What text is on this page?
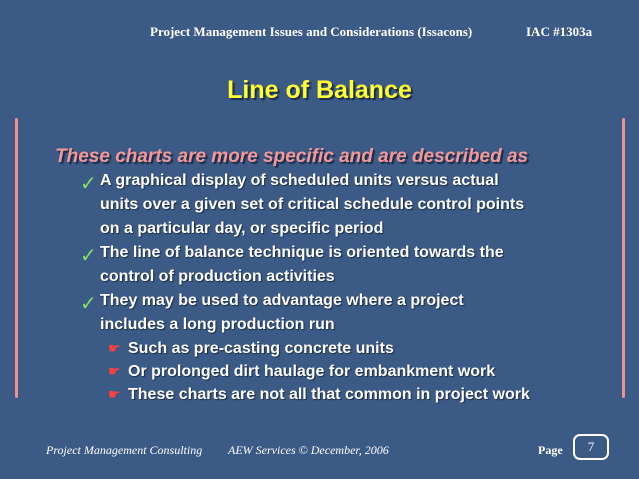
Project Management Issues and Considerations (Issacons)	IAC #1303a
Line of Balance
These charts are more specific and are described as
✓ A graphical display of scheduled units versus actual
units over a given set of critical schedule control points
on a particular day, or specific period
✓ The line of balance technique is oriented towards the
control of production activities
✓ They may be used to advantage where a project
includes a long production run
☛ Such as pre-casting concrete units
☛ Or prolonged dirt haulage for embankment work
☛ These charts are not all that common in project work
Project Management Consulting AEW Services © December, 2006	Page	7
